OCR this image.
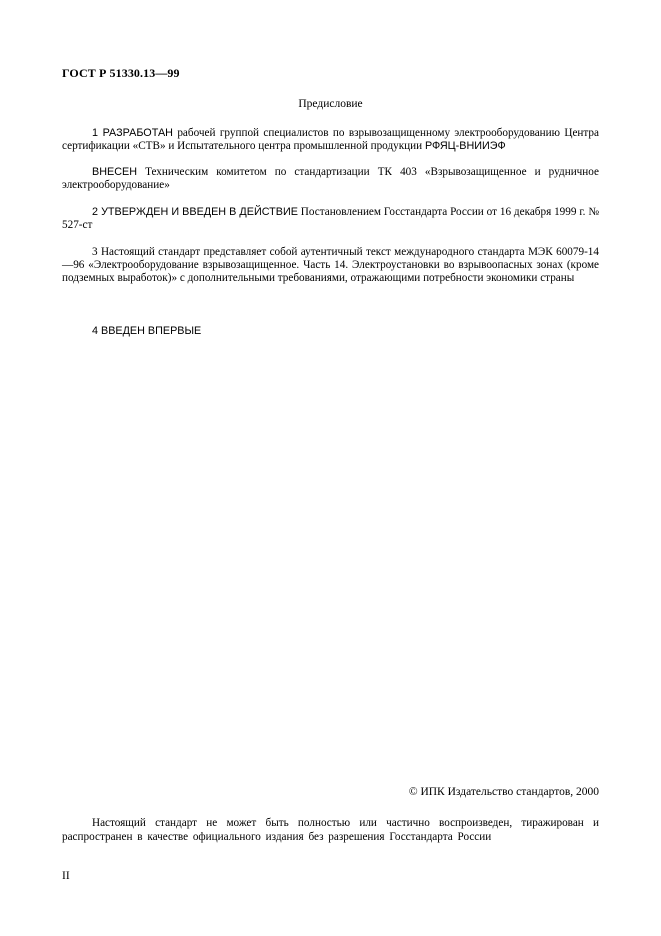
ГОСТ Р 51330.13—99
Предисловие

1 РАЗРАБОТАН рабочей группой специалистов по взрывозащищенному электрооборудованию Центра сертификации «СТВ» и Испытательного центра промышленной продукции РФЯЦ-ВНИИЭФ

ВНЕСЕН Техническим комитетом по стандартизации ТК 403 «Взрывозащищенное и рудничное электрооборудование»

2 УТВЕРЖДЕН И ВВЕДЕН В ДЕЙСТВИЕ Постановлением Госстандарта России от 16 декабря 1999 г. № 527-ст

3 Настоящий стандарт представляет собой аутентичный текст международного стандарта МЭК 60079-14—96 «Электрооборудование взрывозащищенное. Часть 14. Электроустановки во взрывоопасных зонах (кроме подземных выработок)» с дополнительными требованиями, отражающими потребности экономики страны

4 ВВЕДЕН ВПЕРВЫЕ

© ИПК Издательство стандартов, 2000

Настоящий стандарт не может быть полностью или частично воспроизведен, тиражирован и распространен в качестве официального издания без разрешения Госстандарта России

II
